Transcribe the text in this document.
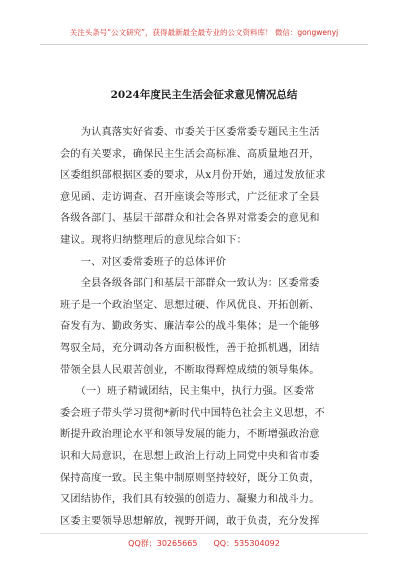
关注头条号“公文研究”，获得最新最全最专业的公文资料库！ 微信：gongwenyj
2024年度民主生活会征求意见情况总结
　　为认真落实好省委、市委关于区委常委专题民主生活
会的有关要求，确保民主生活会高标准、高质量地召开，
区委组织部根据区委的要求，从x月份开始，通过发放征求
意见函、走访调查、召开座谈会等形式，广泛征求了全县
各级各部门、基层干部群众和社会各界对常委会的意见和
建议。现将归纳整理后的意见综合如下：
　　一、对区委常委班子的总体评价
　　全县各级各部门和基层干部群众一致认为：区委常委
班子是一个政治坚定、思想过硬、作风优良、开拓创新、
奋发有为、勤政务实、廉洁奉公的战斗集体；是一个能够
驾驭全局，充分调动各方面积极性，善于抢抓机遇，团结
带领全县人民艰苦创业，不断取得辉煌成绩的领导集体。
　　（一）班子精诚团结，民主集中，执行力强。区委常
委会班子带头学习贯彻*新时代中国特色社会主义思想，不
断提升政治理论水平和领导发展的能力，不断增强政治意
识和大局意识，在思想上政治上行动上同党中央和省市委
保持高度一致。民主集中制原则坚持较好，既分工负责，
又团结协作，我们具有较强的创造力、凝聚力和战斗力。
区委主要领导思想解放，视野开阔，敢于负责，充分发挥
QQ群：30265665　　QQ：535304092
